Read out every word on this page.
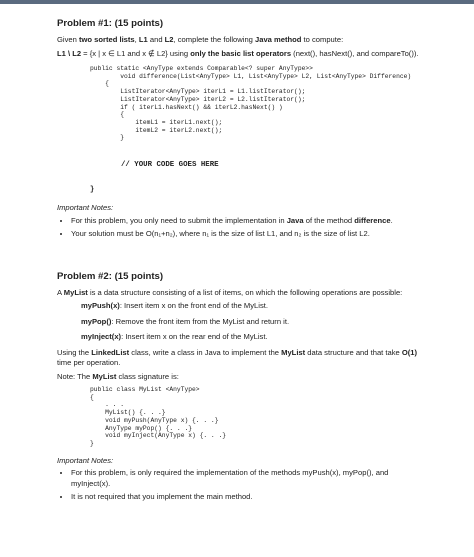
Problem #1: (15 points)

Given two sorted lists, L1 and L2, complete the following Java method to compute:

L1 \ L2 = {x | x ∈ L1 and x ∉ L2} using only the basic list operators (next(), hasNext(), and compareTo()).

public static <AnyType extends Comparable<? super AnyType>>
void difference(List<AnyType> L1, List<AnyType> L2, List<AnyType> Difference)
{
ListIterator<AnyType> iterL1 = L1.listIterator();
ListIterator<AnyType> iterL2 = L2.listIterator();
if ( iterL1.hasNext() && iterL2.hasNext() )
{
itemL1 = iterL1.next();
itemL2 = iterL2.next();
}
// YOUR CODE GOES HERE
}
Important Notes:
• For this problem, you only need to submit the implementation in Java of the method difference.
• Your solution must be O(n₁+n₂), where n₁ is the size of list L1, and n₂ is the size of list L2.
Problem #2: (15 points)

A MyList is a data structure consisting of a list of items, on which the following operations are possible:

myPush(x): Insert item x on the front end of the MyList.
myPop(): Remove the front item from the MyList and return it.
myInject(x): Insert item x on the rear end of the MyList.

Using the LinkedList class, write a class in Java to implement the MyList data structure and that take O(1) time per operation.

Note: The MyList class signature is:

public class MyList <AnyType>
{
. . .
MyList() {. . .}
void myPush(AnyType x) {. . .}
AnyType myPop() {. . .}
void myInject(AnyType x) {. . .}
}
Important Notes:
• For this problem, is only required the implementation of the methods myPush(x), myPop(), and myInject(x).
• It is not required that you implement the main method.
